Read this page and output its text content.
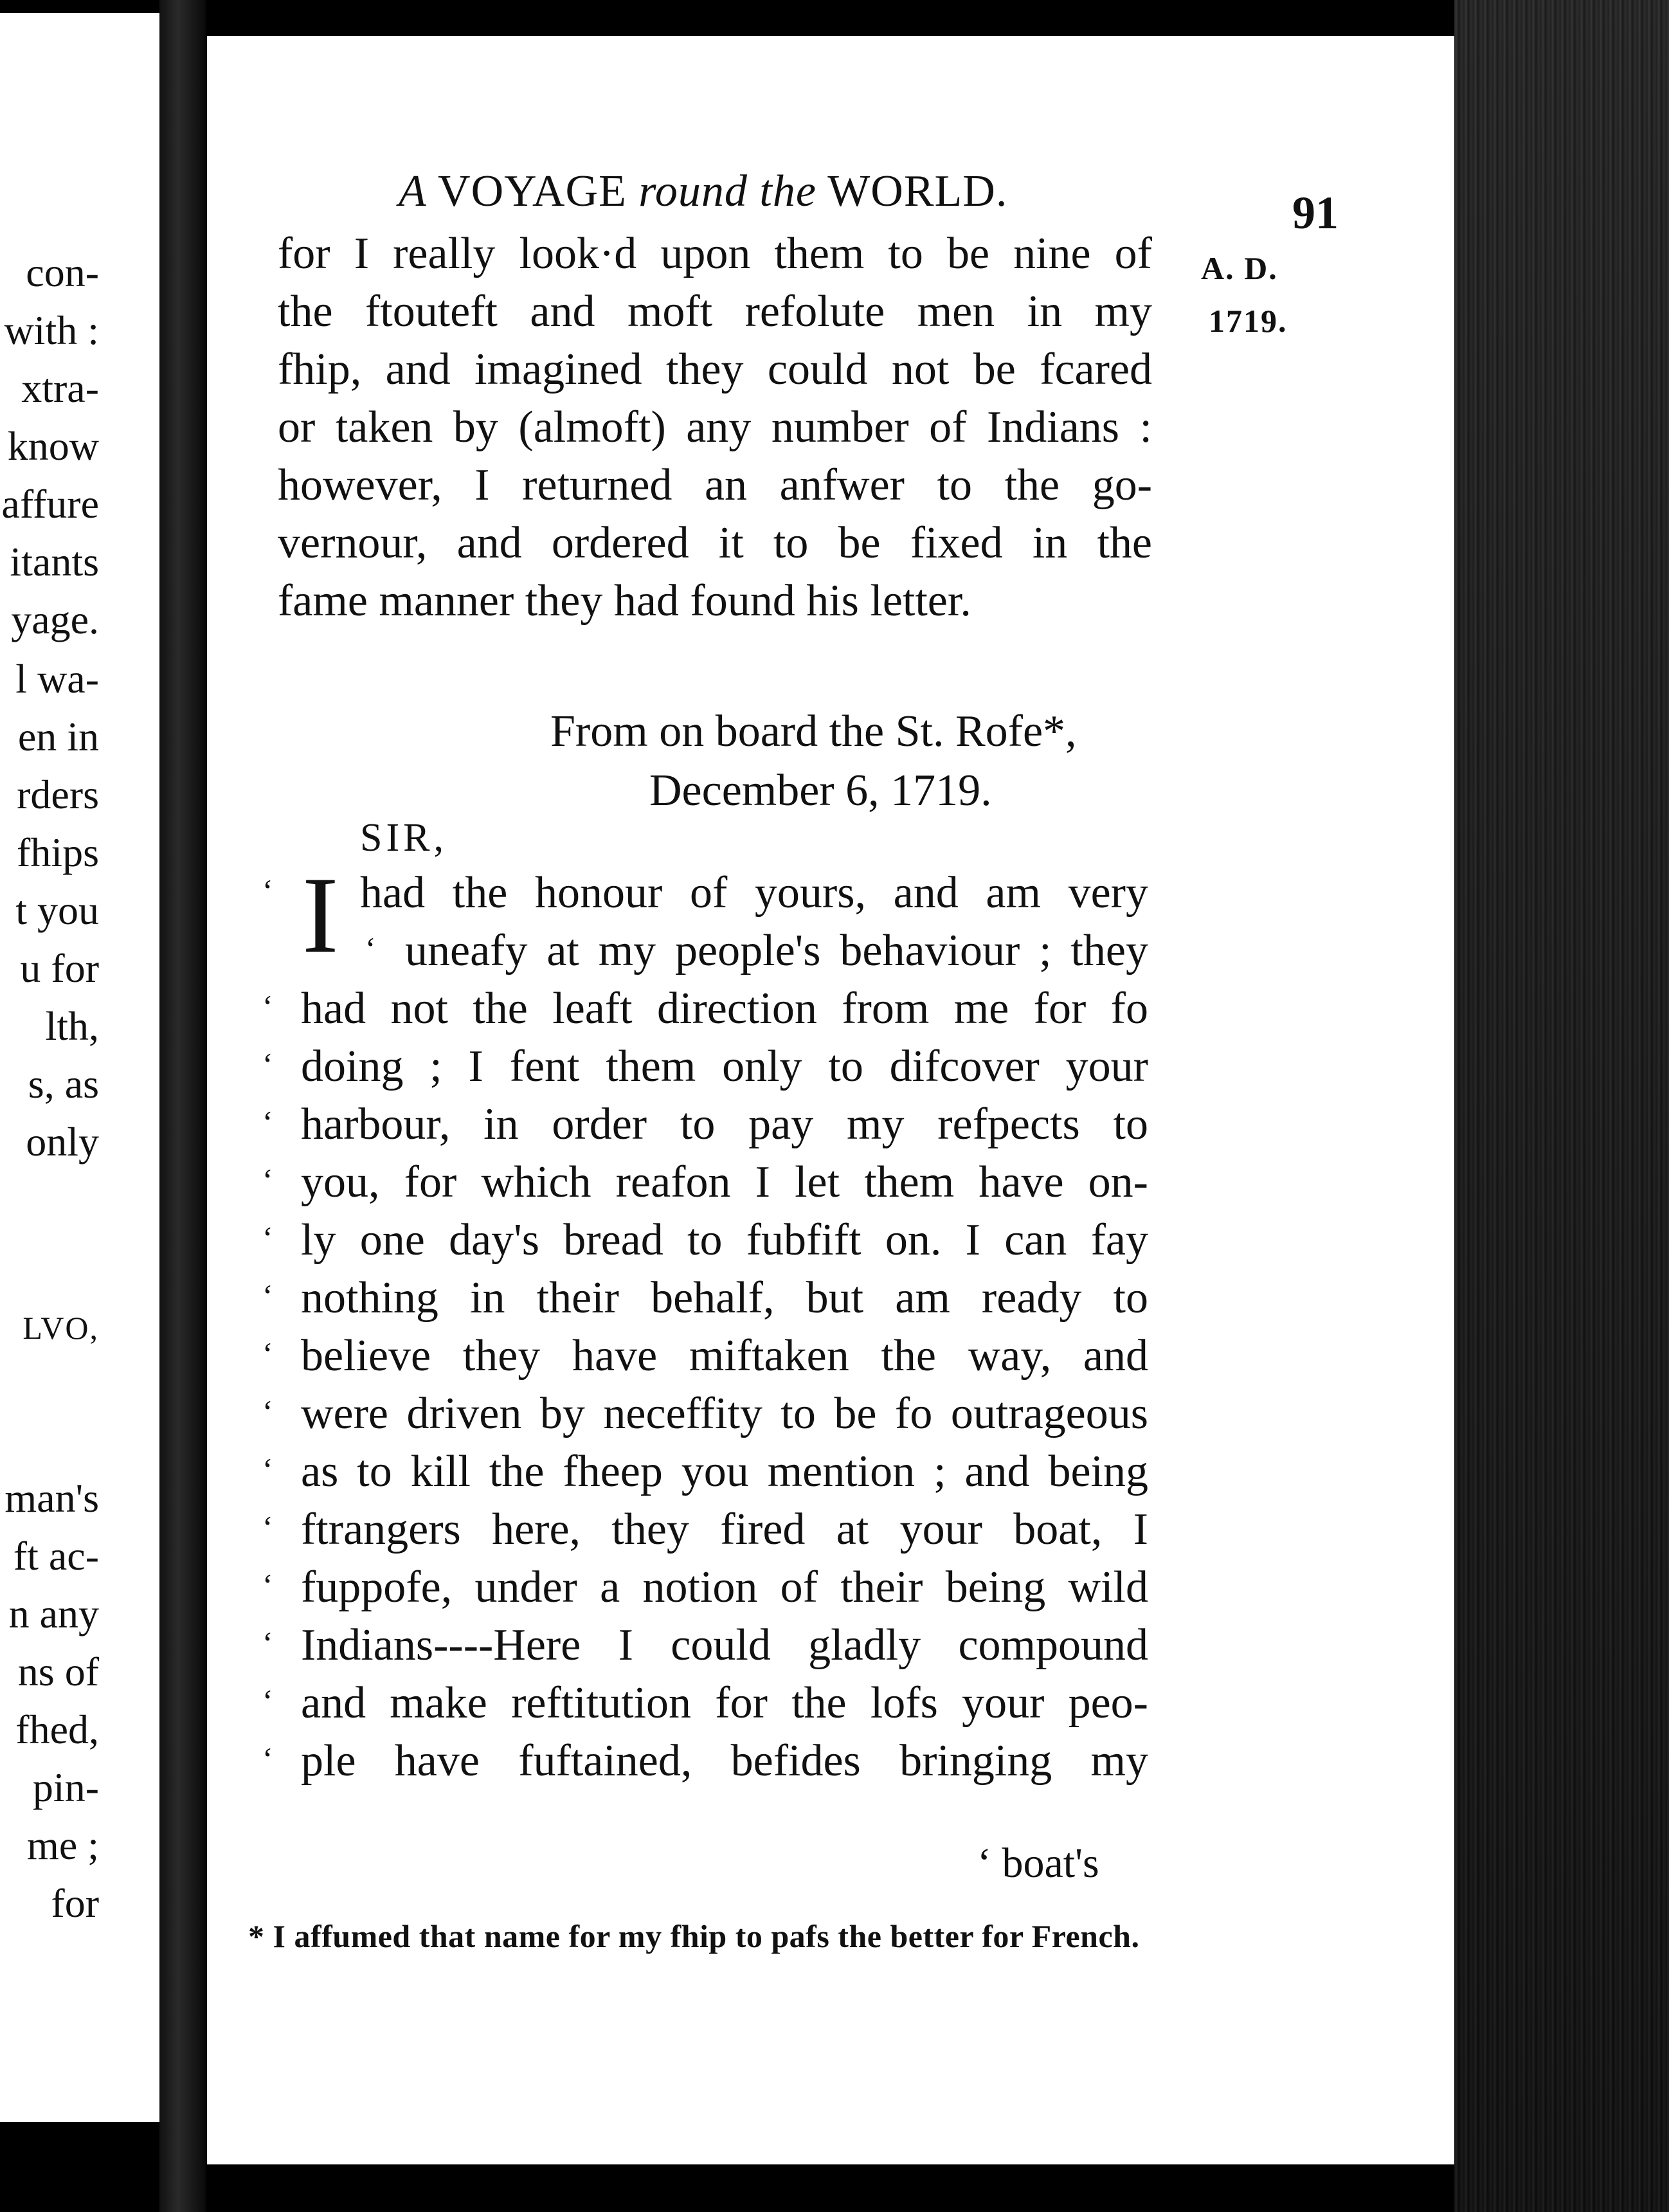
con-
with :
xtra-
know
affure
itants
yage.
l wa-
en in
rders
fhips
t you
u for
lth,
s, as
only
LVO,
man's
ft ac-
n any
ns of
fhed,
pin-
me ;
for
A VOYAGE round the WORLD.	91
A. D.
1719.
for I really look·d upon them to be nine of
the ftouteft and moft refolute men in my
fhip, and imagined they could not be fcared
or taken by (almoft) any number of Indians :
however, I returned an anfwer to the go-
vernour, and ordered it to be fixed in the
fame manner they had found his letter.
From on board the St. Rofe*,
December 6, 1719.
SIR,
I
‘
‘
‘
‘
‘
‘
‘
‘
‘
‘
‘
‘
‘
‘
‘
‘
had the honour of yours, and am very
uneafy at my people's behaviour ; they
had not the leaft direction from me for fo
doing ; I fent them only to difcover your
harbour, in order to pay my refpects to
you, for which reafon I let them have on-
ly one day's bread to fubfift on. I can fay
nothing in their behalf, but am ready to
believe they have miftaken the way, and
were driven by neceffity to be fo outrageous
as to kill the fheep you mention ; and being
ftrangers here, they fired at your boat, I
fuppofe, under a notion of their being wild
Indians----Here I could gladly compound
and make reftitution for the lofs your peo-
ple have fuftained, befides bringing my
‘ boat's
* I affumed that name for my fhip to pafs the better for French.
